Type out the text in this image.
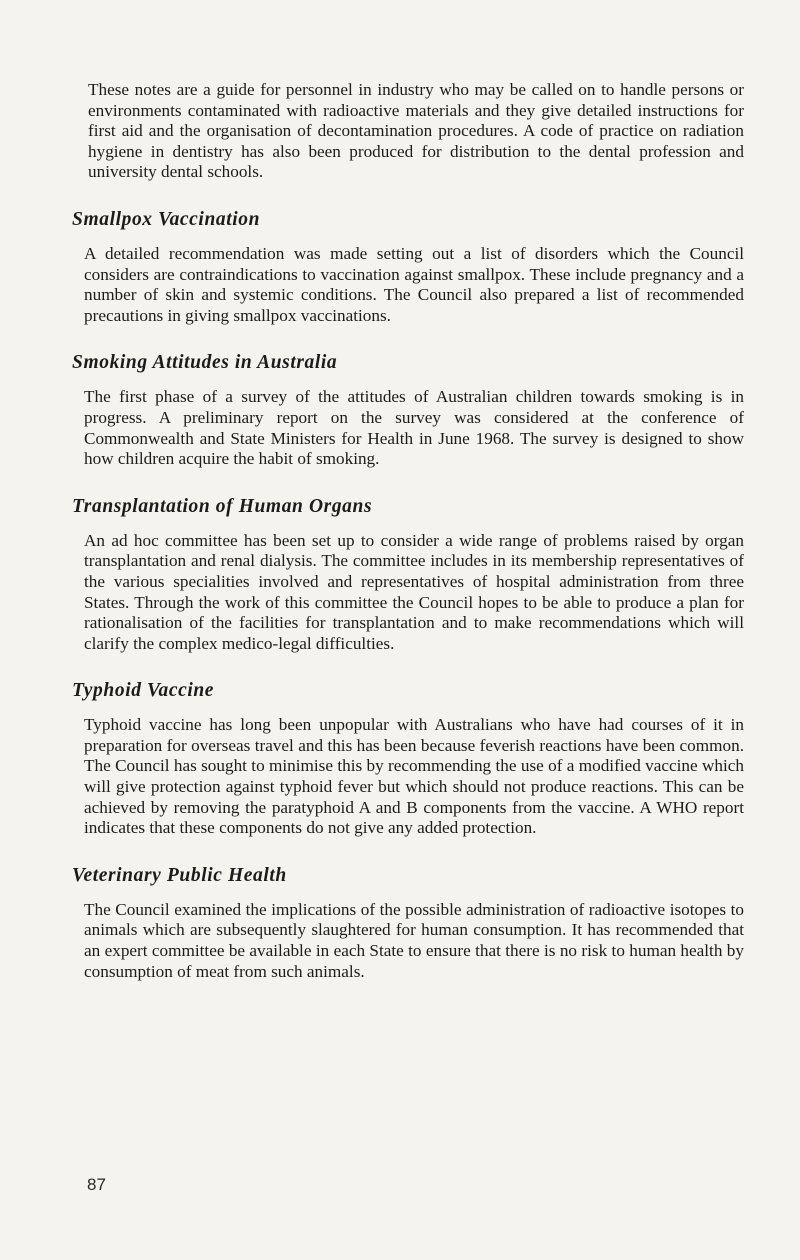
These notes are a guide for personnel in industry who may be called on to handle persons or environments contaminated with radioactive materials and they give detailed instructions for first aid and the organisation of decontamination procedures. A code of practice on radiation hygiene in dentistry has also been produced for distribution to the dental profession and university dental schools.

Smallpox Vaccination

A detailed recommendation was made setting out a list of disorders which the Council considers are contraindications to vaccination against smallpox. These include pregnancy and a number of skin and systemic conditions. The Council also prepared a list of recommended precautions in giving smallpox vaccinations.

Smoking Attitudes in Australia

The first phase of a survey of the attitudes of Australian children towards smoking is in progress. A preliminary report on the survey was considered at the conference of Commonwealth and State Ministers for Health in June 1968. The survey is designed to show how children acquire the habit of smoking.

Transplantation of Human Organs

An ad hoc committee has been set up to consider a wide range of problems raised by organ transplantation and renal dialysis. The committee includes in its membership representatives of the various specialities involved and representatives of hospital administration from three States. Through the work of this committee the Council hopes to be able to produce a plan for rationalisation of the facilities for transplantation and to make recommendations which will clarify the complex medico-legal difficulties.

Typhoid Vaccine

Typhoid vaccine has long been unpopular with Australians who have had courses of it in preparation for overseas travel and this has been because feverish reactions have been common. The Council has sought to minimise this by recommending the use of a modified vaccine which will give protection against typhoid fever but which should not produce reactions. This can be achieved by removing the paratyphoid A and B components from the vaccine. A WHO report indicates that these components do not give any added protection.

Veterinary Public Health

The Council examined the implications of the possible administration of radioactive isotopes to animals which are subsequently slaughtered for human consumption. It has recommended that an expert committee be available in each State to ensure that there is no risk to human health by consumption of meat from such animals.

87
